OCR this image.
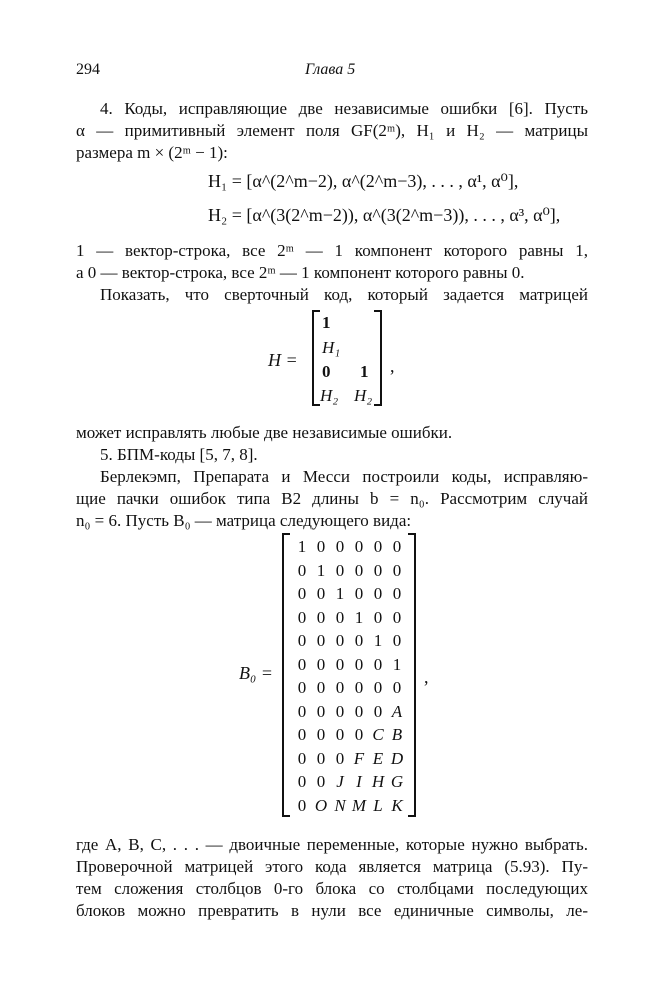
294	Глава 5
4. Коды, исправляющие две независимые ошибки [6]. Пусть
α — примитивный элемент поля GF(2ᵐ), H₁ и H₂ — матрицы
размера m × (2ᵐ − 1):
H₁ = [α^(2^m−2), α^(2^m−3), . . . , α¹, α⁰],
H₂ = [α^(3(2^m−2)), α^(3(2^m−3)), . . . , α³, α⁰],
1 — вектор-строка, все 2ᵐ — 1 компонент которого равны 1,
а 0 — вектор-строка, все 2ᵐ — 1 компонент которого равны 0.
Показать, что сверточный код, который задается матрицей
H =
1
H₁
0 1
H₂ H₂
,
может исправлять любые две независимые ошибки.
5. БПМ-коды [5, 7, 8].
Берлекэмп, Препарата и Месси построили коды, исправляю-
щие пачки ошибок типа B2 длины b = n₀. Рассмотрим случай
n₀ = 6. Пусть B₀ — матрица следующего вида:
B₀ =	,
1 0 0 0 0 0
0 1 0 0 0 0
0 0 1 0 0 0
0 0 0 1 0 0
0 0 0 0 1 0
0 0 0 0 0 1
0 0 0 0 0 0
0 0 0 0 0 A
0 0 0 0 C B
0 0 0 F E D
0 0 J I H G
0 O N M L K
где A, B, C, . . . — двоичные переменные, которые нужно выбрать.
Проверочной матрицей этого кода является матрица (5.93). Пу-
тем сложения столбцов 0-го блока со столбцами последующих
блоков можно превратить в нули все единичные символы, ле-
